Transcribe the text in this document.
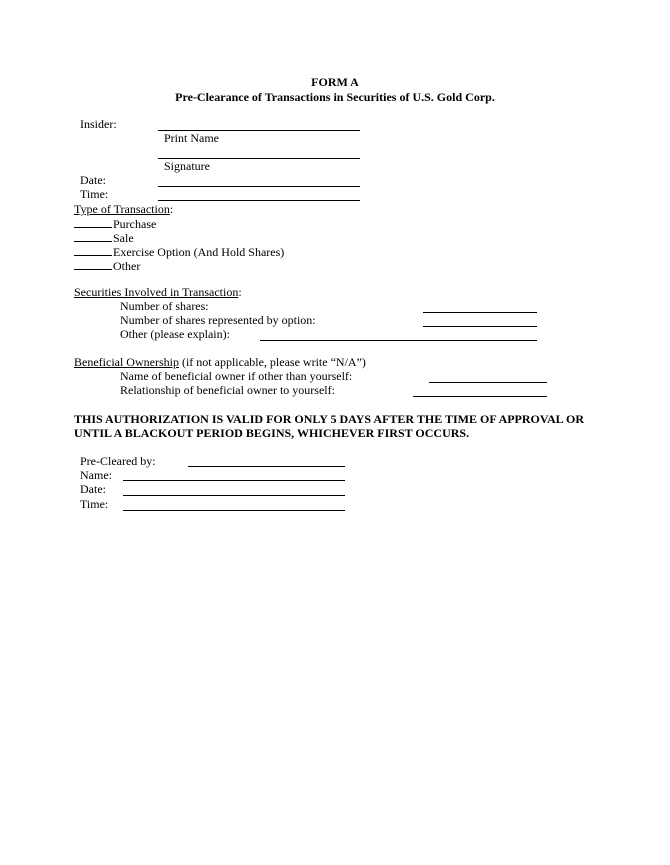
FORM A
Pre-Clearance of Transactions in Securities of U.S. Gold Corp.
Insider:
Print Name
Signature
Date:
Time:
Type of Transaction:
Purchase
Sale
Exercise Option (And Hold Shares)
Other
Securities Involved in Transaction:
Number of shares:
Number of shares represented by option:
Other (please explain):
Beneficial Ownership (if not applicable, please write “N/A”)
Name of beneficial owner if other than yourself:
Relationship of beneficial owner to yourself:
THIS AUTHORIZATION IS VALID FOR ONLY 5 DAYS AFTER THE TIME OF APPROVAL OR
UNTIL A BLACKOUT PERIOD BEGINS, WHICHEVER FIRST OCCURS.
Pre-Cleared by:
Name:
Date:
Time:
